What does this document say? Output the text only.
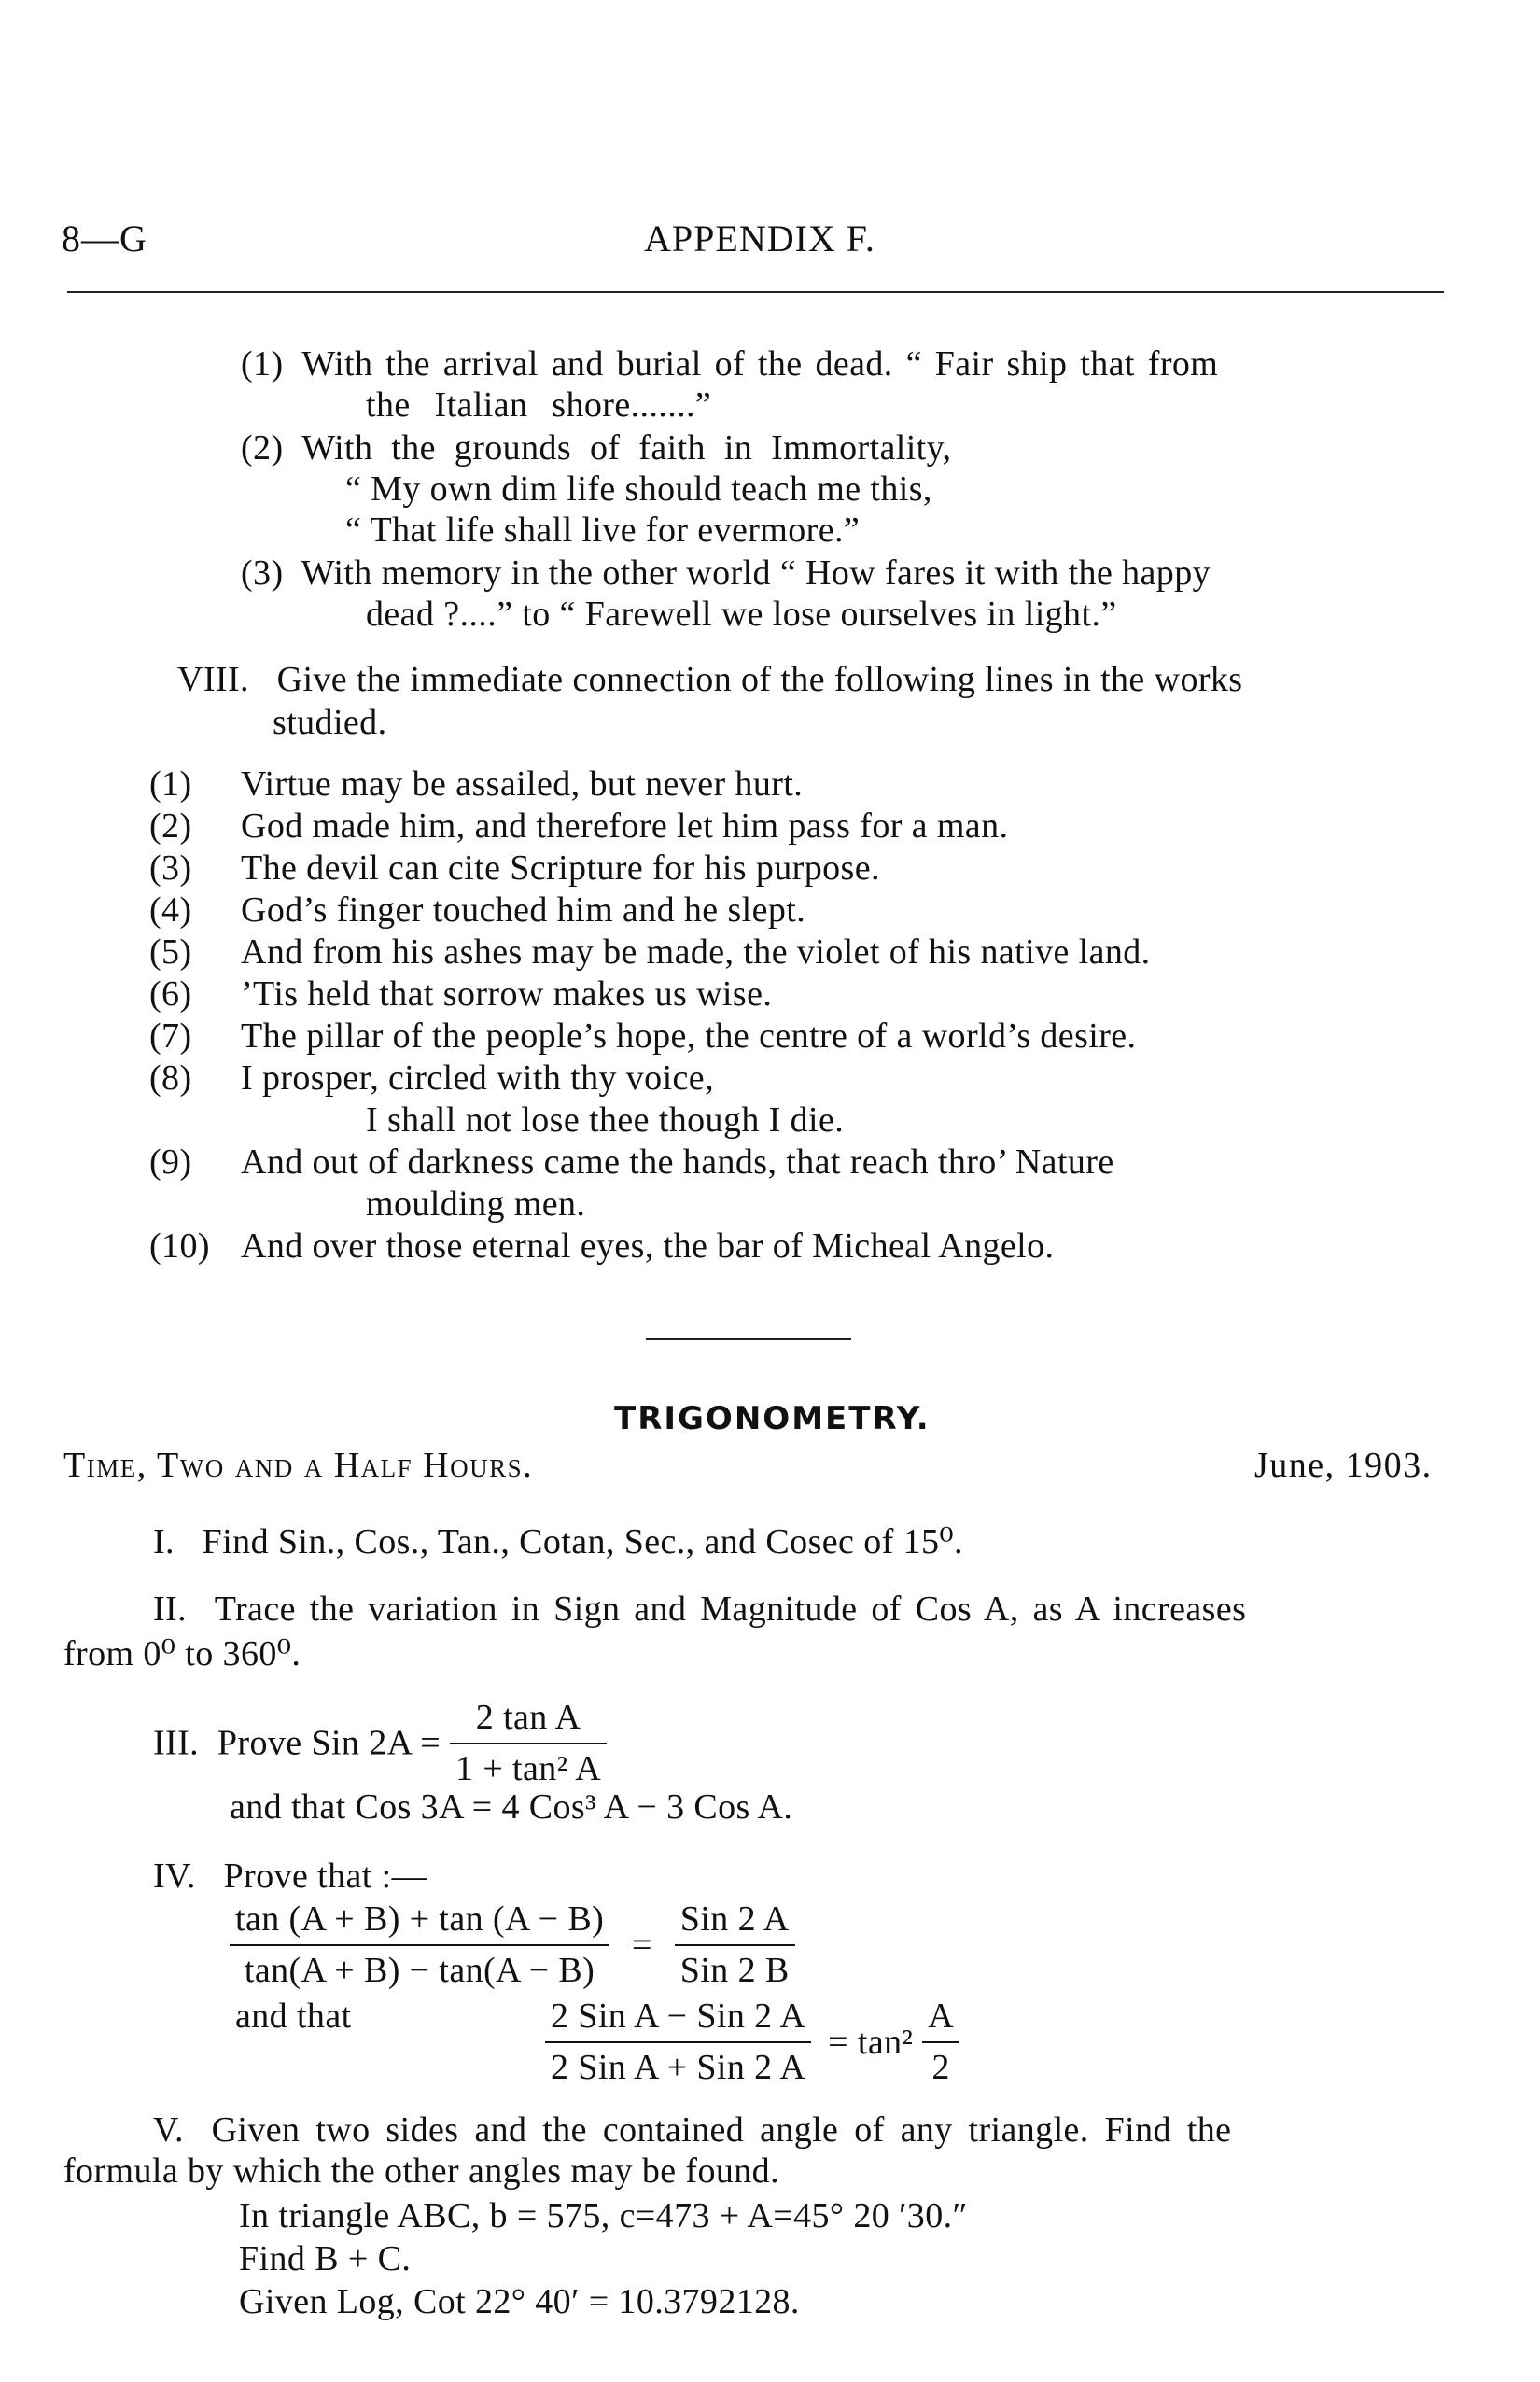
8—G	APPENDIX F.
(1) With the arrival and burial of the dead. “ Fair ship that from
the Italian shore.......”
(2) With the grounds of faith in Immortality,
“ My own dim life should teach me this,
“ That life shall live for evermore.”
(3) With memory in the other world “ How fares it with the happy
dead ?....” to “ Farewell we lose ourselves in light.”
VIII. Give the immediate connection of the following lines in the works
studied.
(1) Virtue may be assailed, but never hurt.
(2) God made him, and therefore let him pass for a man.
(3) The devil can cite Scripture for his purpose.
(4) God’s finger touched him and he slept.
(5) And from his ashes may be made, the violet of his native land.
(6) ’Tis held that sorrow makes us wise.
(7) The pillar of the people’s hope, the centre of a world’s desire.
(8) I prosper, circled with thy voice,
I shall not lose thee though I die.
(9) And out of darkness came the hands, that reach thro’ Nature
moulding men.
(10) And over those eternal eyes, the bar of Micheal Angelo.
TRIGONOMETRY.
Time, Two and a Half Hours.	June, 1903.
I. Find Sin., Cos., Tan., Cotan, Sec., and Cosec of 15⁰.
II. Trace the variation in Sign and Magnitude of Cos A, as A increases
from 0⁰ to 360⁰.
III. Prove Sin $2A = \frac{\text{2 tan A}}{\text{1 + tan² A}}$
and that Cos 3A = 4 Cos³ A − 3 Cos A.
IV. Prove that :—
$\frac{\tan (A + B) + \tan (A - B)}{\tan(A + B) - \tan(A - B)} = \frac{\text{Sin 2 A}}{\text{Sin 2 B}}$
and that	$\frac{\text{2 Sin A − Sin 2 A}}{\text{2 Sin A + Sin 2 A}} = \tan^2 \frac{A}{2}$
V. Given two sides and the contained angle of any triangle. Find the
formula by which the other angles may be found.
In triangle ABC, b = 575, c=473 + A=45° 20 ′30.″
Find B + C.
Given Log, Cot 22° 40′ = 10.3792128.
